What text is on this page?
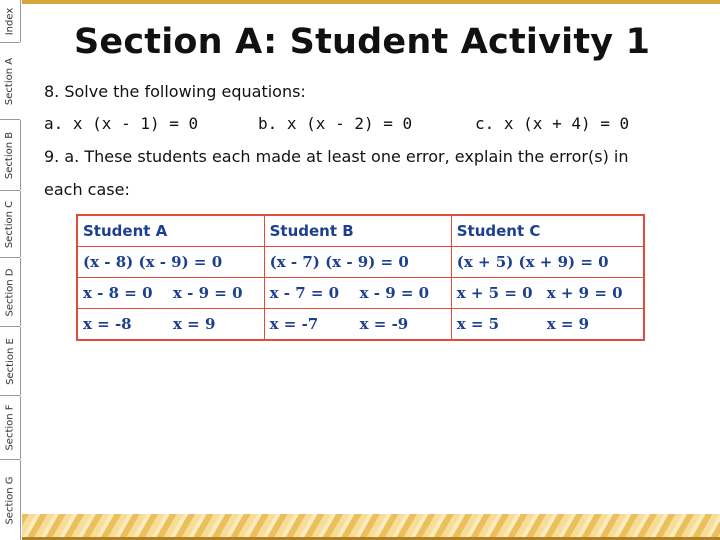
Index
Section A
Section B
Section C
Section D
Section E
Section F
Section G
Section A: Student Activity 1
8. Solve the following equations:
a. x (x - 1) = 0	b. x (x - 2) = 0	c. x (x + 4) = 0
9. a. These students each made at least one error, explain the error(s) in
each case:
Student A	Student B	Student C
(x - 8) (x - 9) = 0	(x - 7) (x - 9) = 0	(x + 5) (x + 9) = 0
x - 8 = 0 x - 9 = 0	x - 7 = 0 x - 9 = 0	x + 5 = 0 x + 9 = 0
x = -8 x = 9	x = -7 x = -9	x = 5 x = 9
